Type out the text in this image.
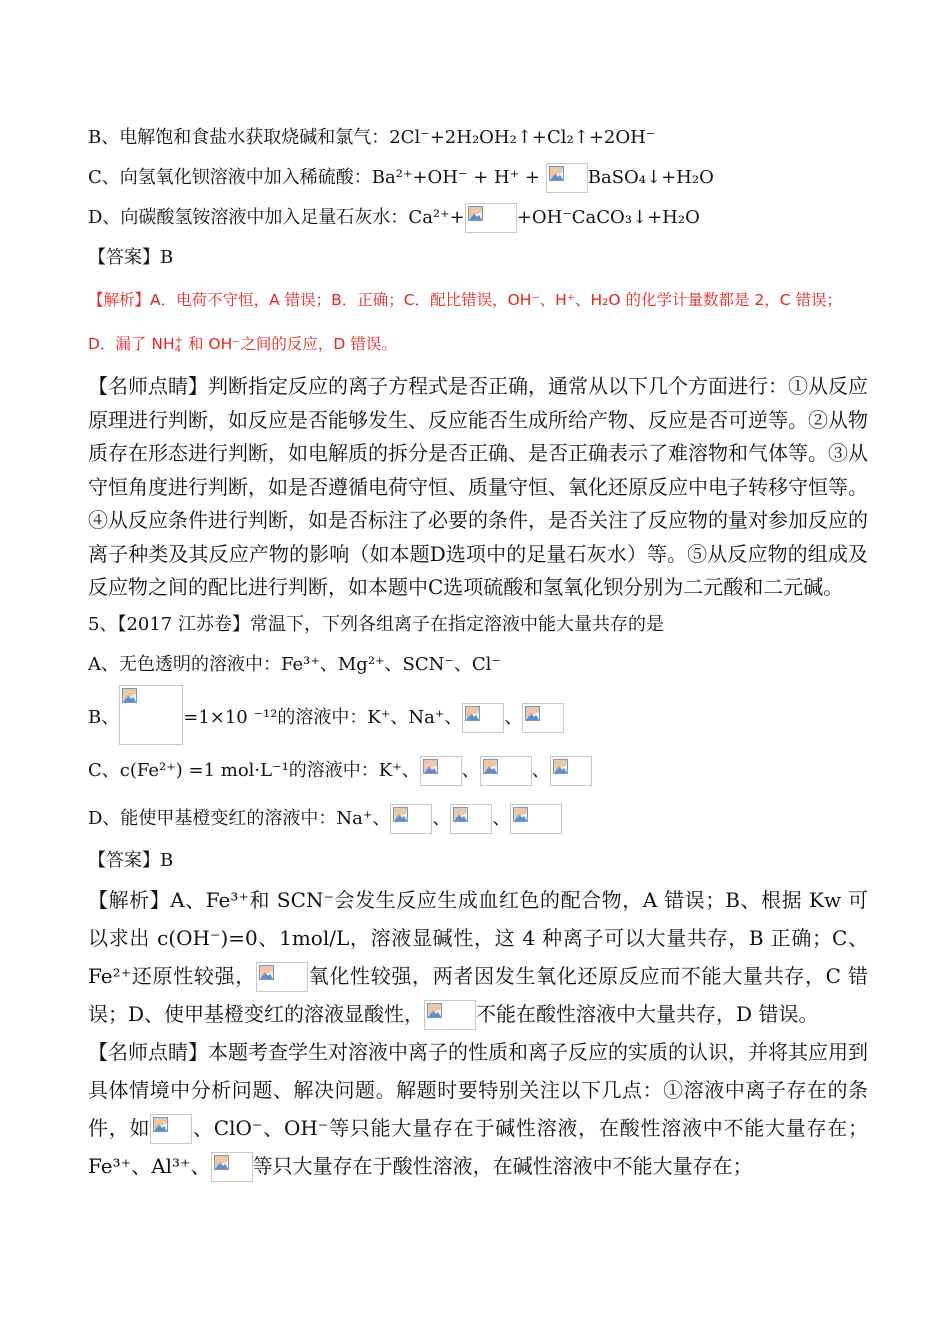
B、电解饱和食盐水获取烧碱和氯气：2Cl⁻+2H₂OH₂↑+Cl₂↑+2OH⁻
C、向氢氧化钡溶液中加入稀硫酸：Ba²⁺+OH⁻ + H⁺ +
BaSO₄↓+H₂O
D、向碳酸氢铵溶液中加入足量石灰水：Ca²⁺+	+OH⁻CaCO₃↓+H₂O
【答案】B
【解析】A．电荷不守恒，A 错误；B．正确；C．配比错误，OH⁻、H⁺、H₂O 的化学计量数都是 2，C 错误；
D．漏了 NH +
4 和 OH⁻之间的反应，D 错误。

【名师点睛】判断指定反应的离子方程式是否正确，通常从以下几个方面进行：①从反应原理进行判断，如反应是否能够发生、反应能否生成所给产物、反应是否可逆等。②从物质存在形态进行判断，如电解质的拆分是否正确、是否正确表示了难溶物和气体等。③从守恒角度进行判断，如是否遵循电荷守恒、质量守恒、氧化还原反应中电子转移守恒等。④从反应条件进行判断，如是否标注了必要的条件，是否关注了反应物的量对参加反应的离子种类及其反应产物的影响（如本题D选项中的足量石灰水）等。⑤从反应物的组成及反应物之间的配比进行判断，如本题中C选项硫酸和氢氧化钡分别为二元酸和二元碱。

5、【2017 江苏卷】常温下，下列各组离子在指定溶液中能大量共存的是
A、无色透明的溶液中：Fe³⁺、Mg²⁺、SCN⁻、Cl⁻
B、	=1×10 ⁻¹²的溶液中：K⁺、Na⁺、 、
C、c(Fe²⁺) =1 mol·L⁻¹的溶液中：K⁺、 、	、
D、能使甲基橙变红的溶液中：Na⁺、 、 、
【答案】B

【解析】A、Fe³⁺和 SCN⁻会发生反应生成血红色的配合物，A 错误；B、根据 Kw 可以求出 c(OH⁻)=0、1mol/L，溶液显碱性，这 4 种离子可以大量共存，B 正确；C、Fe²⁺还原性较强，	氧化性较强，两者因发生氧化还原反应而不能大量共存，C 错误；D、使甲基橙变红的溶液显酸性，	不能在酸性溶液中大量共存，D 错误。

【名师点睛】本题考查学生对溶液中离子的性质和离子反应的实质的认识，并将其应用到具体情境中分析问题、解决问题。解题时要特别关注以下几点：①溶液中离子存在的条件，如 、ClO⁻、OH⁻等只能大量存在于碱性溶液，在酸性溶液中不能大量存在；Fe³⁺、Al³⁺、 等只大量存在于酸性溶液，在碱性溶液中不能大量存在；
